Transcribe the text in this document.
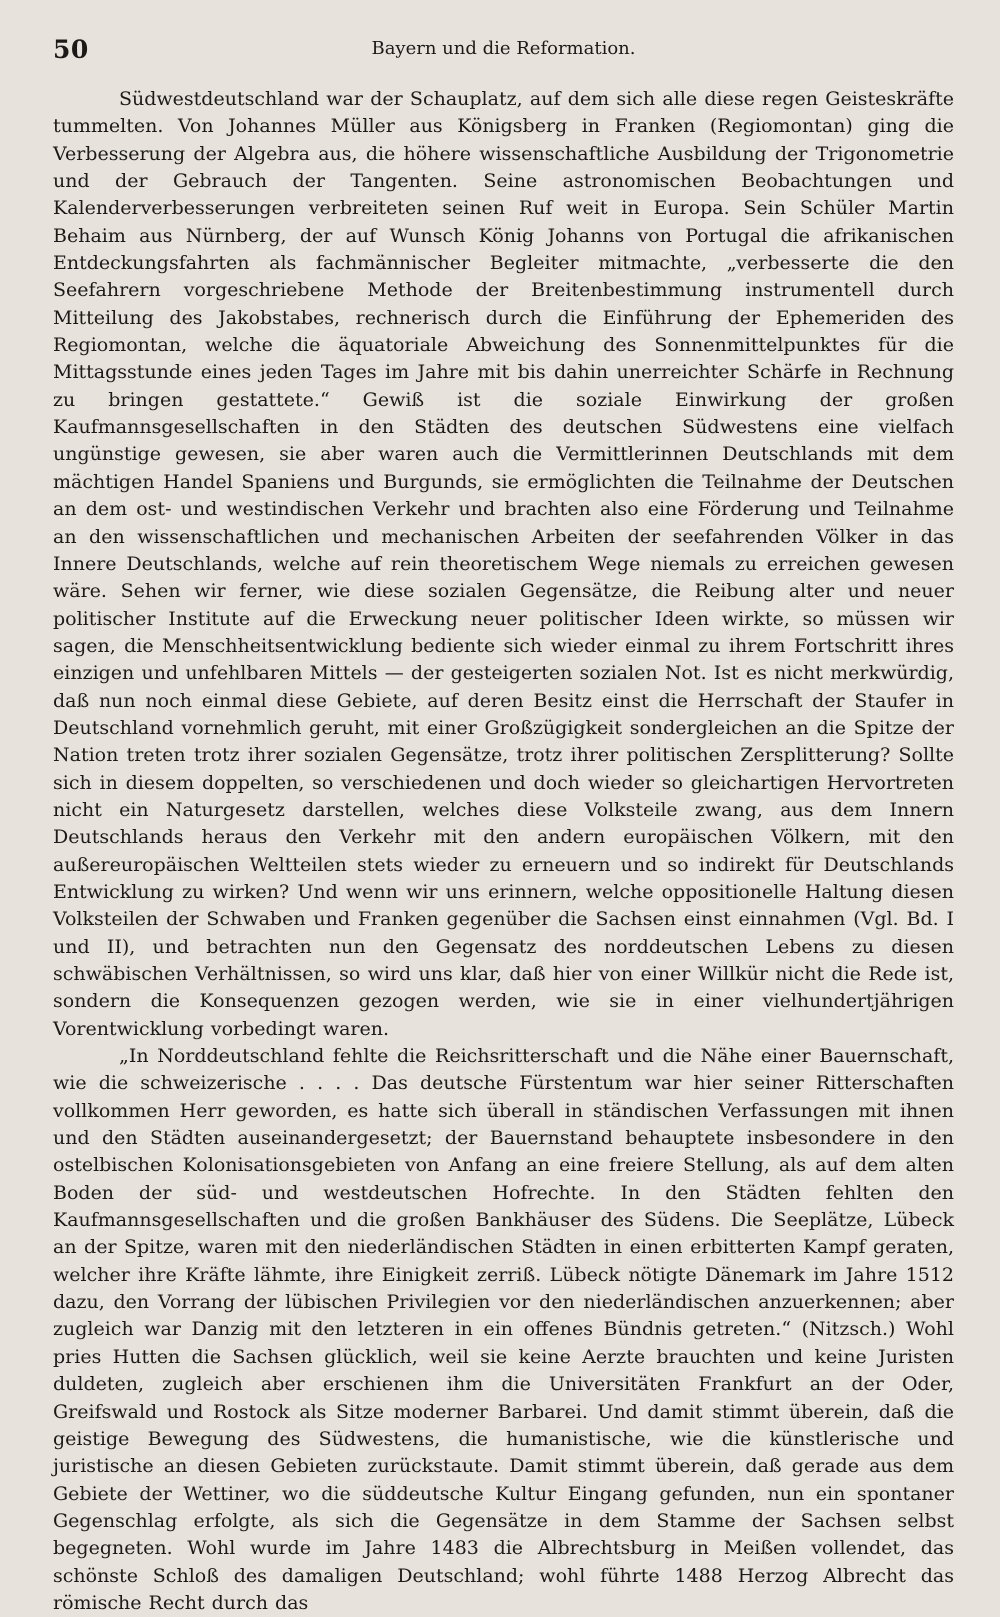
50	Bayern und die Reformation.

Südwestdeutschland war der Schauplatz, auf dem sich alle diese regen Geisteskräfte tummelten. Von Johannes Müller aus Königsberg in Franken (Regiomontan) ging die Verbesserung der Algebra aus, die höhere wissenschaftliche Ausbildung der Trigonometrie und der Gebrauch der Tangenten. Seine astronomischen Beobachtungen und Kalenderverbesserungen verbreiteten seinen Ruf weit in Europa. Sein Schüler Martin Behaim aus Nürnberg, der auf Wunsch König Johanns von Portugal die afrikanischen Entdeckungsfahrten als fachmännischer Begleiter mitmachte, „verbesserte die den Seefahrern vorgeschriebene Methode der Breitenbestimmung instrumentell durch Mitteilung des Jakobstabes, rechnerisch durch die Einführung der Ephemeriden des Regiomontan, welche die äquatoriale Abweichung des Sonnenmittelpunktes für die Mittagsstunde eines jeden Tages im Jahre mit bis dahin unerreichter Schärfe in Rechnung zu bringen gestattete.“ Gewiß ist die soziale Einwirkung der großen Kaufmannsgesellschaften in den Städten des deutschen Südwestens eine vielfach ungünstige gewesen, sie aber waren auch die Vermittlerinnen Deutschlands mit dem mächtigen Handel Spaniens und Burgunds, sie ermöglichten die Teilnahme der Deutschen an dem ost- und westindischen Verkehr und brachten also eine Förderung und Teilnahme an den wissenschaftlichen und mechanischen Arbeiten der seefahrenden Völker in das Innere Deutschlands, welche auf rein theoretischem Wege niemals zu erreichen gewesen wäre. Sehen wir ferner, wie diese sozialen Gegensätze, die Reibung alter und neuer politischer Institute auf die Erweckung neuer politischer Ideen wirkte, so müssen wir sagen, die Menschheitsentwicklung bediente sich wieder einmal zu ihrem Fortschritt ihres einzigen und unfehlbaren Mittels — der gesteigerten sozialen Not. Ist es nicht merkwürdig, daß nun noch einmal diese Gebiete, auf deren Besitz einst die Herrschaft der Staufer in Deutschland vornehmlich geruht, mit einer Großzügigkeit sondergleichen an die Spitze der Nation treten trotz ihrer sozialen Gegensätze, trotz ihrer politischen Zersplitterung? Sollte sich in diesem doppelten, so verschiedenen und doch wieder so gleichartigen Hervortreten nicht ein Naturgesetz darstellen, welches diese Volksteile zwang, aus dem Innern Deutschlands heraus den Verkehr mit den andern europäischen Völkern, mit den außereuropäischen Weltteilen stets wieder zu erneuern und so indirekt für Deutschlands Entwicklung zu wirken? Und wenn wir uns erinnern, welche oppositionelle Haltung diesen Volksteilen der Schwaben und Franken gegenüber die Sachsen einst einnahmen (Vgl. Bd. I und II), und betrachten nun den Gegensatz des norddeutschen Lebens zu diesen schwäbischen Verhältnissen, so wird uns klar, daß hier von einer Willkür nicht die Rede ist, sondern die Konsequenzen gezogen werden, wie sie in einer vielhundertjährigen Vorentwicklung vorbedingt waren.

„In Norddeutschland fehlte die Reichsritterschaft und die Nähe einer Bauernschaft, wie die schweizerische . . . . Das deutsche Fürstentum war hier seiner Ritterschaften vollkommen Herr geworden, es hatte sich überall in ständischen Verfassungen mit ihnen und den Städten auseinandergesetzt; der Bauernstand behauptete insbesondere in den ostelbischen Kolonisationsgebieten von Anfang an eine freiere Stellung, als auf dem alten Boden der süd- und westdeutschen Hofrechte. In den Städten fehlten den Kaufmannsgesellschaften und die großen Bankhäuser des Südens. Die Seeplätze, Lübeck an der Spitze, waren mit den niederländischen Städten in einen erbitterten Kampf geraten, welcher ihre Kräfte lähmte, ihre Einigkeit zerriß. Lübeck nötigte Dänemark im Jahre 1512 dazu, den Vorrang der lübischen Privilegien vor den niederländischen anzuerkennen; aber zugleich war Danzig mit den letzteren in ein offenes Bündnis getreten.“ (Nitzsch.) Wohl pries Hutten die Sachsen glücklich, weil sie keine Aerzte brauchten und keine Juristen duldeten, zugleich aber erschienen ihm die Universitäten Frankfurt an der Oder, Greifswald und Rostock als Sitze moderner Barbarei. Und damit stimmt überein, daß die geistige Bewegung des Südwestens, die humanistische, wie die künstlerische und juristische an diesen Gebieten zurückstaute. Damit stimmt überein, daß gerade aus dem Gebiete der Wettiner, wo die süddeutsche Kultur Eingang gefunden, nun ein spontaner Gegenschlag erfolgte, als sich die Gegensätze in dem Stamme der Sachsen selbst begegneten. Wohl wurde im Jahre 1483 die Albrechtsburg in Meißen vollendet, das schönste Schloß des damaligen Deutschland; wohl führte 1488 Herzog Albrecht das römische Recht durch das
